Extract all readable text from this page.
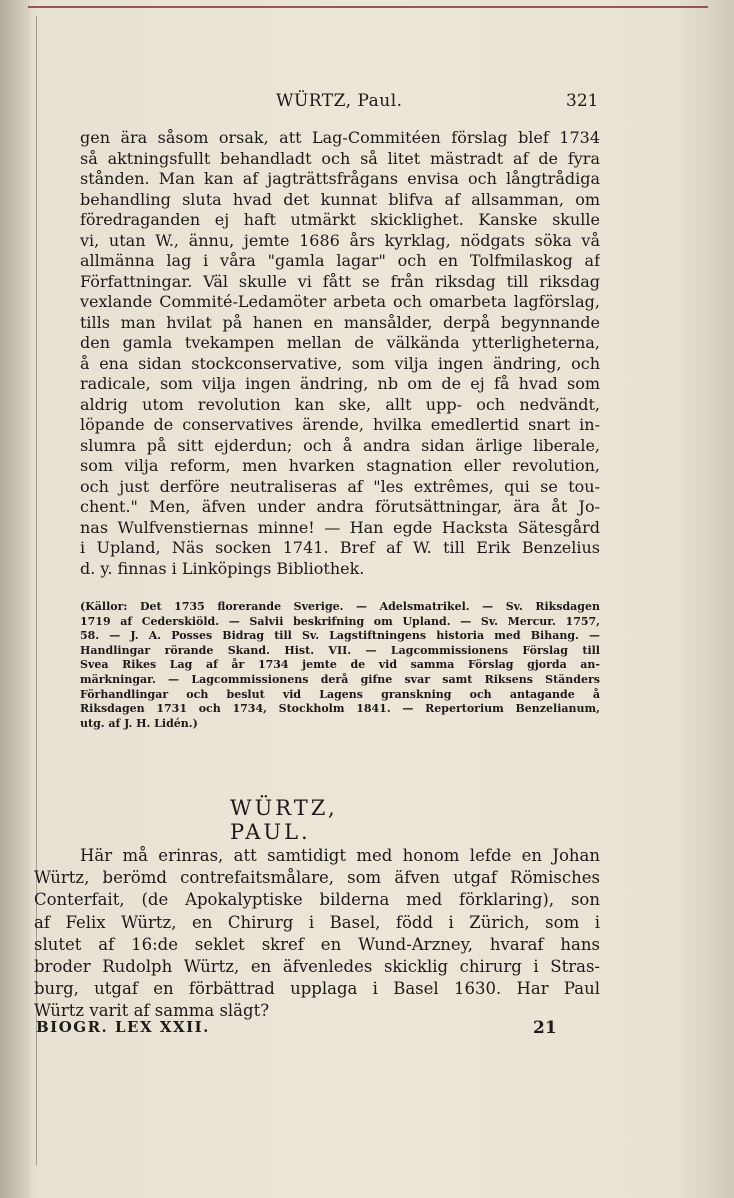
WÜRTZ, Paul.	321
gen ära såsom orsak, att Lag-Commitéen förslag blef 1734
så aktningsfullt behandladt och så litet mästradt af de fyra
stånden. Man kan af jagträttsfrågans envisa och långtrådiga
behandling sluta hvad det kunnat blifva af allsamman, om
föredraganden ej haft utmärkt skicklighet. Kanske skulle
vi, utan W., ännu, jemte 1686 års kyrklag, nödgats söka vå
allmänna lag i våra "gamla lagar" och en Tolfmilaskog af
Författningar. Väl skulle vi fått se från riksdag till riksdag
vexlande Commité-Ledamöter arbeta och omarbeta lagförslag,
tills man hvilat på hanen en mansålder, derpå begynnande
den gamla tvekampen mellan de välkända ytterligheterna,
å ena sidan stockconservative, som vilja ingen ändring, och
radicale, som vilja ingen ändring, nb om de ej få hvad som
aldrig utom revolution kan ske, allt upp- och nedvändt,
löpande de conservatives ärende, hvilka emedlertid snart in-
slumra på sitt ejderdun; och å andra sidan ärlige liberale,
som vilja reform, men hvarken stagnation eller revolution,
och just derföre neutraliseras af "les extrêmes, qui se tou-
chent." Men, äfven under andra förutsättningar, ära åt Jo-
nas Wulfvenstiernas minne! — Han egde Hacksta Sätesgård
i Upland, Näs socken 1741. Bref af W. till Erik Benzelius
d. y. finnas i Linköpings Bibliothek.
(Källor: Det 1735 florerande Sverige. — Adelsmatrikel. — Sv. Riksdagen
1719 af Cederskiöld. — Salvii beskrifning om Upland. — Sv. Mercur. 1757,
58. — J. A. Posses Bidrag till Sv. Lagstiftningens historia med Bihang. —
Handlingar rörande Skand. Hist. VII. — Lagcommissionens Förslag till
Svea Rikes Lag af år 1734 jemte de vid samma Förslag gjorda an-
märkningar. — Lagcommissionens derå gifne svar samt Riksens Ständers
Förhandlingar och beslut vid Lagens granskning och antagande å
Riksdagen 1731 och 1734, Stockholm 1841. — Repertorium Benzelianum,
utg. af J. H. Lidén.)
WÜRTZ, PAUL.
Här må erinras, att samtidigt med honom lefde en Johan
Würtz, berömd contrefaitsmålare, som äfven utgaf Römisches
Conterfait, (de Apokalyptiske bilderna med förklaring), son
af Felix Würtz, en Chirurg i Basel, född i Zürich, som i
slutet af 16:de seklet skref en Wund-Arzney, hvaraf hans
broder Rudolph Würtz, en äfvenledes skicklig chirurg i Stras-
burg, utgaf en förbättrad upplaga i Basel 1630. Har Paul
Würtz varit af samma slägt?
BIOGR. LEX XXII.	21
